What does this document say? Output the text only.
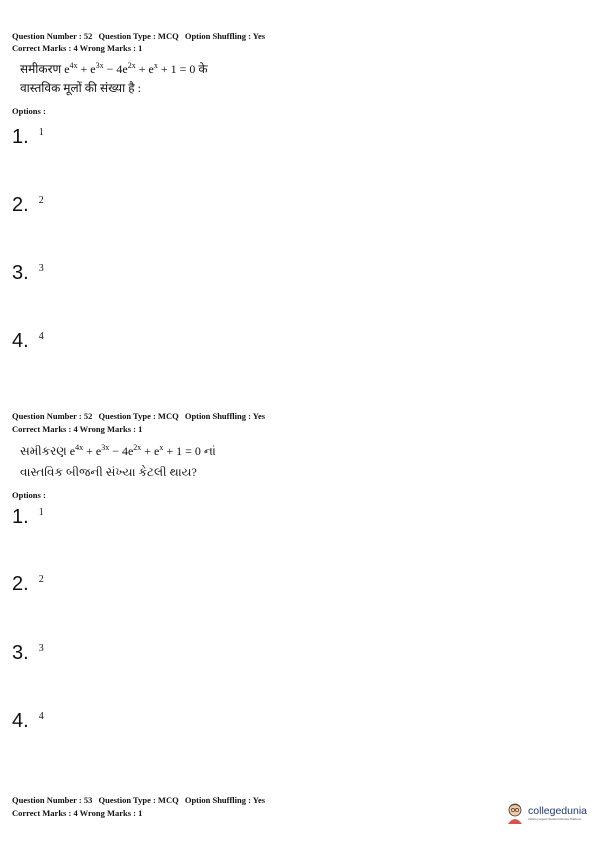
Question Number : 52 Question Type : MCQ Option Shuffling : Yes
Correct Marks : 4 Wrong Marks : 1
समीकरण $e^{4x} + e^{3x} - 4e^{2x} + e^x + 1 = 0$ के
वास्तविक मूलों की संख्या है :
Options :
1. 1
2. 2
3. 3
4. 4
Question Number : 52 Question Type : MCQ Option Shuffling : Yes
Correct Marks : 4 Wrong Marks : 1
સમીકરણ $e^{4x} + e^{3x} - 4e^{2x} + e^x + 1 = 0$ નાં
વાસ્તવિક બીજની સંખ્યા કેટલી થાય?
Options :
1. 1
2. 2
3. 3
4. 4
Question Number : 53 Question Type : MCQ Option Shuffling : Yes
Correct Marks : 4 Wrong Marks : 1	collegedunia
India's Largest Student Review Platform
